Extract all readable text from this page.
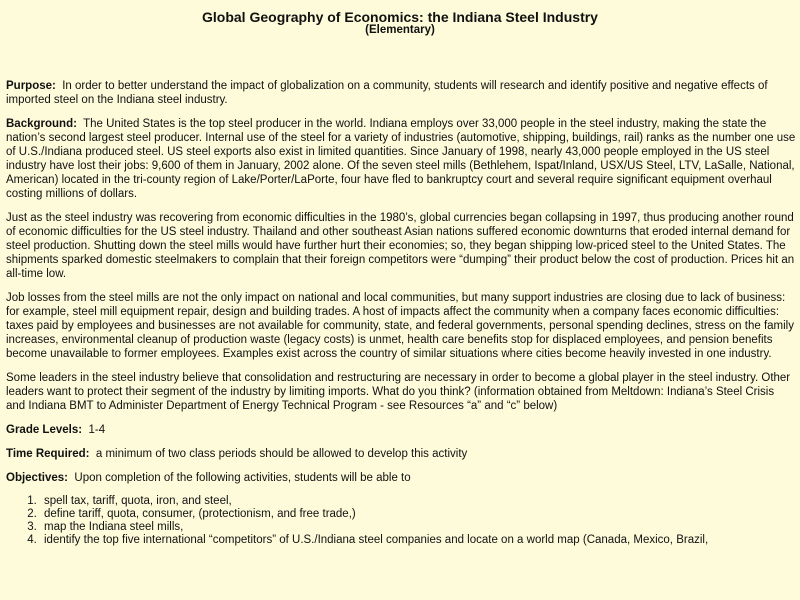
Global Geography of Economics: the Indiana Steel Industry
(Elementary)

Purpose: In order to better understand the impact of globalization on a community, students will research and identify positive and negative effects of imported steel on the Indiana steel industry.

Background: The United States is the top steel producer in the world. Indiana employs over 33,000 people in the steel industry, making the state the nation’s second largest steel producer. Internal use of the steel for a variety of industries (automotive, shipping, buildings, rail) ranks as the number one use of U.S./Indiana produced steel. US steel exports also exist in limited quantities. Since January of 1998, nearly 43,000 people employed in the US steel industry have lost their jobs: 9,600 of them in January, 2002 alone. Of the seven steel mills (Bethlehem, Ispat/Inland, USX/US Steel, LTV, LaSalle, National, American) located in the tri-county region of Lake/Porter/LaPorte, four have fled to bankruptcy court and several require significant equipment overhaul costing millions of dollars.

Just as the steel industry was recovering from economic difficulties in the 1980’s, global currencies began collapsing in 1997, thus producing another round of economic difficulties for the US steel industry. Thailand and other southeast Asian nations suffered economic downturns that eroded internal demand for steel production. Shutting down the steel mills would have further hurt their economies; so, they began shipping low-priced steel to the United States. The shipments sparked domestic steelmakers to complain that their foreign competitors were “dumping” their product below the cost of production. Prices hit an all-time low.

Job losses from the steel mills are not the only impact on national and local communities, but many support industries are closing due to lack of business: for example, steel mill equipment repair, design and building trades. A host of impacts affect the community when a company faces economic difficulties: taxes paid by employees and businesses are not available for community, state, and federal governments, personal spending declines, stress on the family increases, environmental cleanup of production waste (legacy costs) is unmet, health care benefits stop for displaced employees, and pension benefits become unavailable to former employees. Examples exist across the country of similar situations where cities become heavily invested in one industry.

Some leaders in the steel industry believe that consolidation and restructuring are necessary in order to become a global player in the steel industry. Other leaders want to protect their segment of the industry by limiting imports. What do you think? (information obtained from Meltdown: Indiana’s Steel Crisis and Indiana BMT to Administer Department of Energy Technical Program - see Resources “a” and “c” below)

Grade Levels: 1-4

Time Required: a minimum of two class periods should be allowed to develop this activity

Objectives: Upon completion of the following activities, students will be able to

1. spell tax, tariff, quota, iron, and steel,
2. define tariff, quota, consumer, (protectionism, and free trade,)
3. map the Indiana steel mills,
4. identify the top five international “competitors” of U.S./Indiana steel companies and locate on a world map (Canada, Mexico, Brazil,
